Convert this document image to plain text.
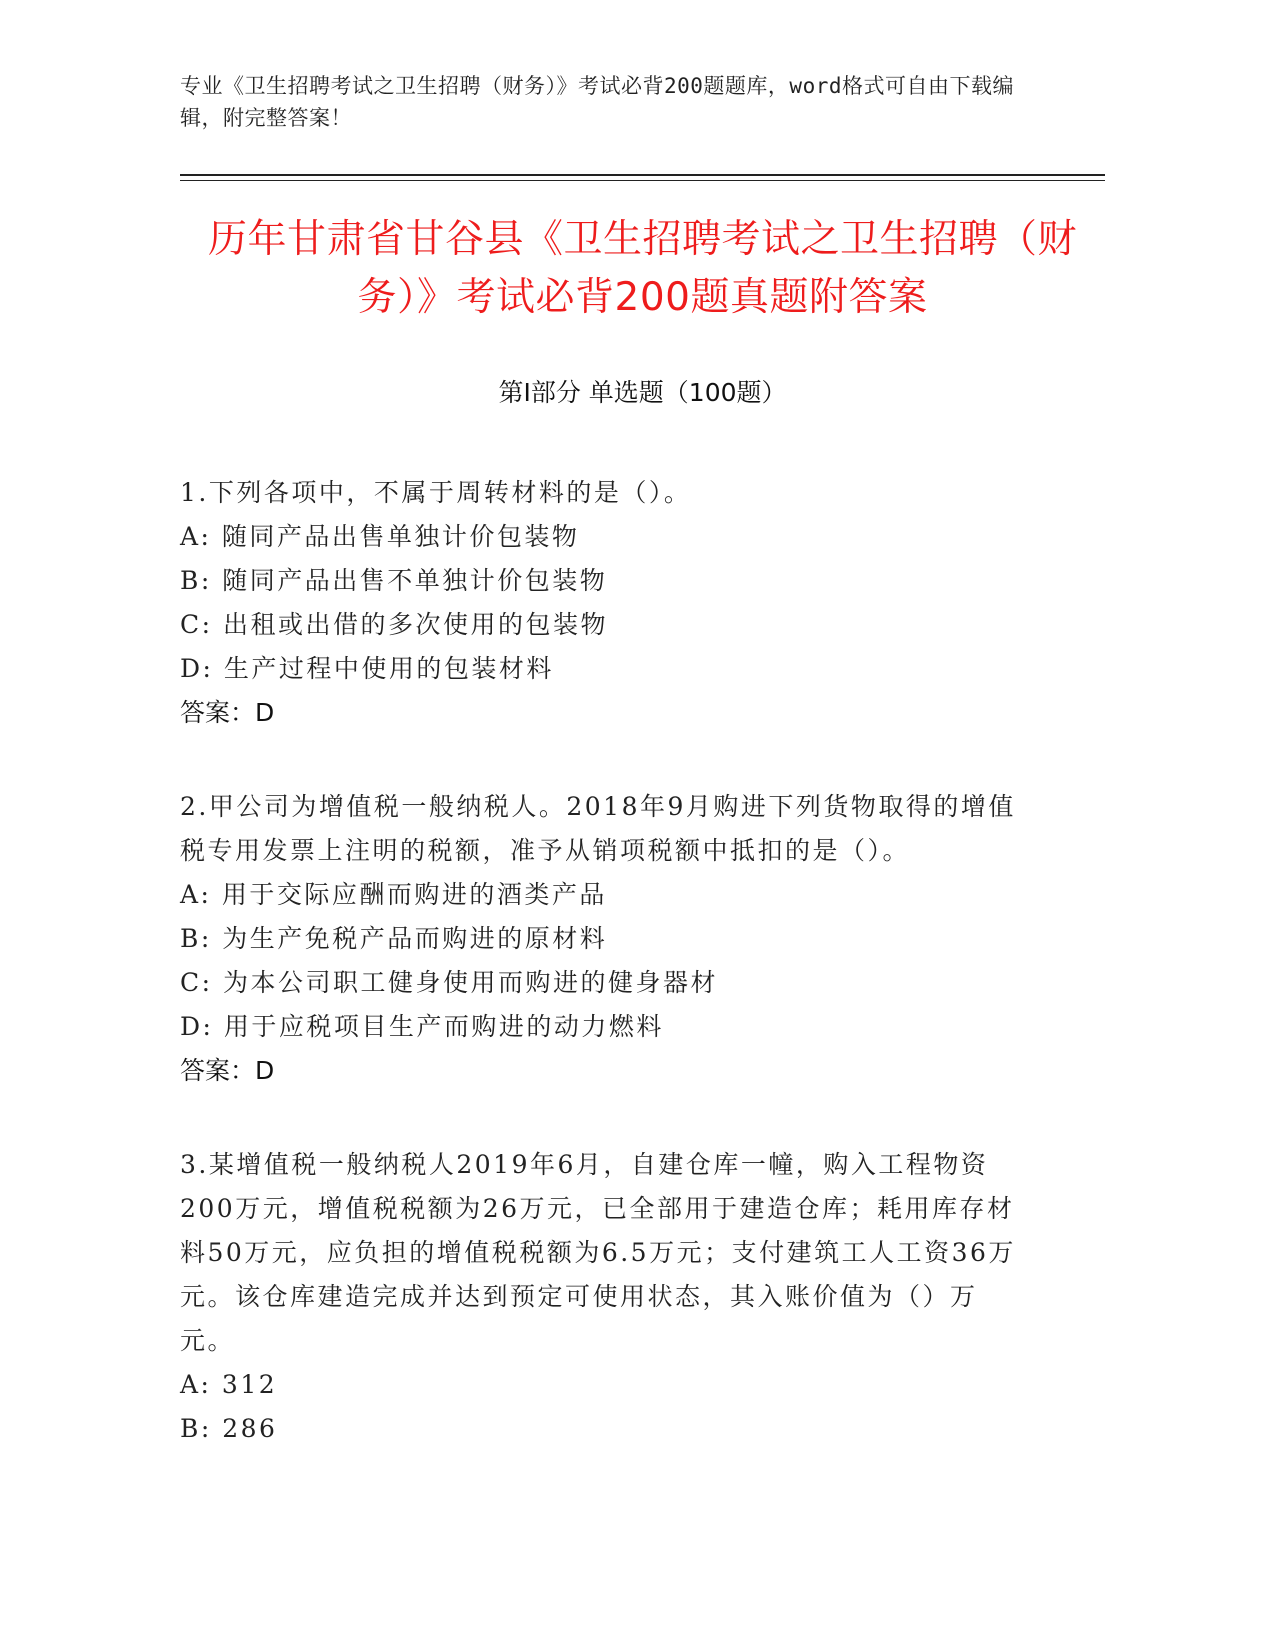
专业《卫生招聘考试之卫生招聘（财务）》考试必背200题题库，word格式可自由下载编辑，附完整答案！

历年甘肃省甘谷县《卫生招聘考试之卫生招聘（财务）》考试必背200题真题附答案
第I部分 单选题（100题）

1.下列各项中，不属于周转材料的是（）。

A: 随同产品出售单独计价包装物

B: 随同产品出售不单独计价包装物

C: 出租或出借的多次使用的包装物

D: 生产过程中使用的包装材料

答案：D

2.甲公司为增值税一般纳税人。2018年9月购进下列货物取得的增值税专用发票上注明的税额，准予从销项税额中抵扣的是（）。

A: 用于交际应酬而购进的酒类产品

B: 为生产免税产品而购进的原材料

C: 为本公司职工健身使用而购进的健身器材

D: 用于应税项目生产而购进的动力燃料

答案：D

3.某增值税一般纳税人2019年6月，自建仓库一幢，购入工程物资200万元，增值税税额为26万元，已全部用于建造仓库；耗用库存材料50万元，应负担的增值税税额为6.5万元；支付建筑工人工资36万元。该仓库建造完成并达到预定可使用状态，其入账价值为（）万元。

A: 312

B: 286
